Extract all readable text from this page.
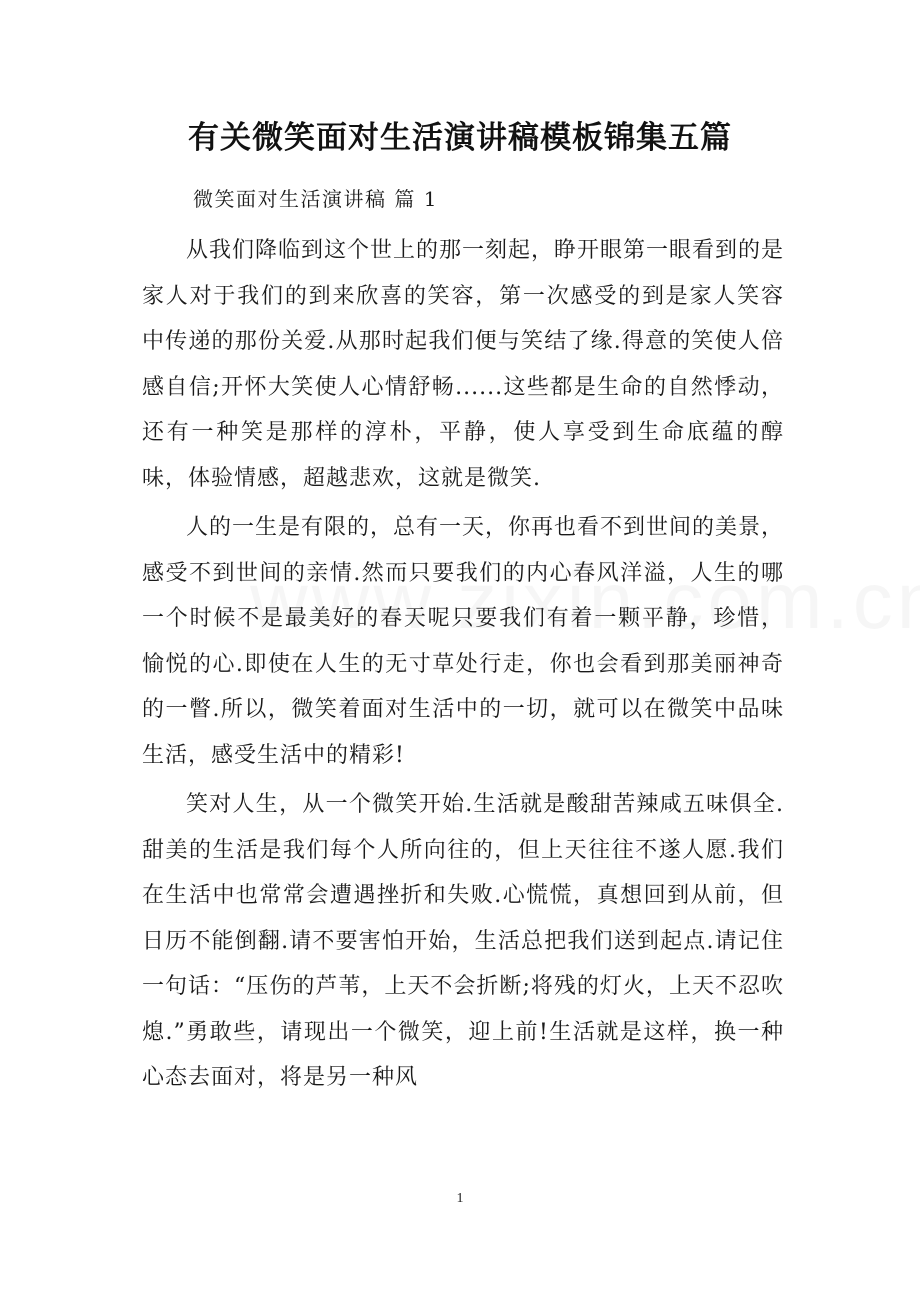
有关微笑面对生活演讲稿模板锦集五篇
微笑面对生活演讲稿 篇 1

从我们降临到这个世上的那一刻起，睁开眼第一眼看到的是家人对于我们的到来欣喜的笑容，第一次感受的到是家人笑容中传递的那份关爱.从那时起我们便与笑结了缘.得意的笑使人倍感自信;开怀大笑使人心情舒畅......这些都是生命的自然悸动，还有一种笑是那样的淳朴，平静，使人享受到生命底蕴的醇味，体验情感，超越悲欢，这就是微笑.

人的一生是有限的，总有一天，你再也看不到世间的美景，感受不到世间的亲情.然而只要我们的内心春风洋溢，人生的哪一个时候不是最美好的春天呢只要我们有着一颗平静，珍惜，愉悦的心.即使在人生的无寸草处行走，你也会看到那美丽神奇的一瞥.所以，微笑着面对生活中的一切，就可以在微笑中品味生活，感受生活中的精彩!

笑对人生，从一个微笑开始.生活就是酸甜苦辣咸五味俱全.甜美的生活是我们每个人所向往的，但上天往往不遂人愿.我们在生活中也常常会遭遇挫折和失败.心慌慌，真想回到从前，但日历不能倒翻.请不要害怕开始，生活总把我们送到起点.请记住一句话：“压伤的芦苇，上天不会折断;将残的灯火，上天不忍吹熄.”勇敢些，请现出一个微笑，迎上前!生活就是这样，换一种心态去面对，将是另一种风

1
